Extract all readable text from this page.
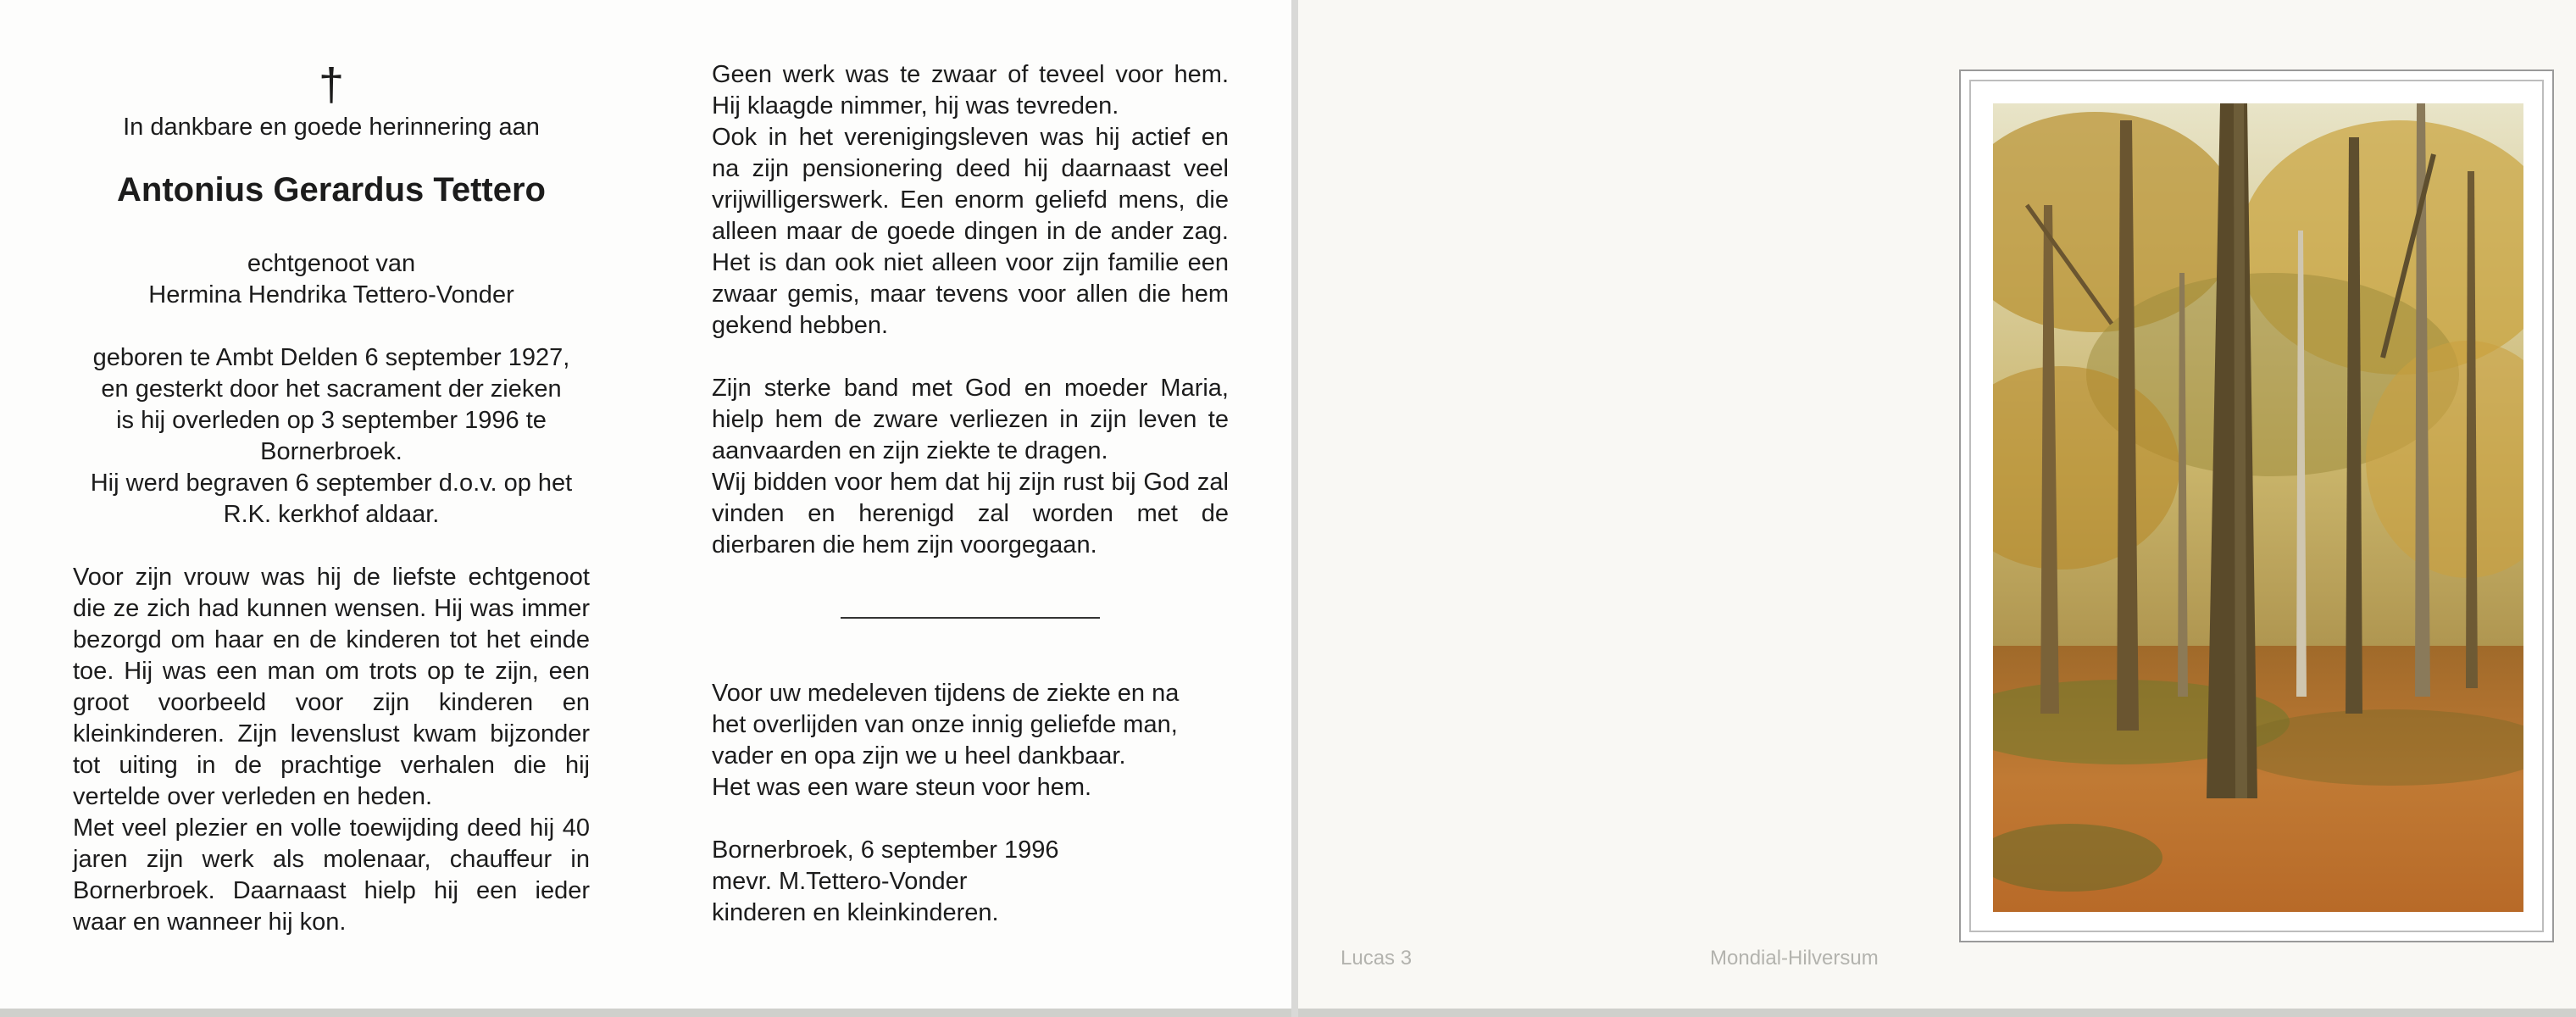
†

In dankbare en goede herinnering aan

Antonius Gerardus Tettero

echtgenoot van

Hermina Hendrika Tettero-Vonder

geboren te Ambt Delden 6 september 1927,
en gesterkt door het sacrament der zieken
is hij overleden op 3 september 1996 te
Bornerbroek.
Hij werd begraven 6 september d.o.v. op het
R.K. kerkhof aldaar.

Voor zijn vrouw was hij de liefste echtgenoot die ze zich had kunnen wensen. Hij was immer bezorgd om haar en de kinderen tot het einde toe. Hij was een man om trots op te zijn, een groot voorbeeld voor zijn kinderen en kleinkinderen. Zijn levenslust kwam bijzonder tot uiting in de prachtige verhalen die hij vertelde over verleden en heden.

Met veel plezier en volle toewijding deed hij 40 jaren zijn werk als molenaar, chauffeur in Bornerbroek. Daarnaast hielp hij een ieder waar en wanneer hij kon.

Geen werk was te zwaar of teveel voor hem. Hij klaagde nimmer, hij was tevreden.

Ook in het verenigingsleven was hij actief en na zijn pensionering deed hij daarnaast veel vrijwilligerswerk. Een enorm geliefd mens, die alleen maar de goede dingen in de ander zag. Het is dan ook niet alleen voor zijn familie een zwaar gemis, maar tevens voor allen die hem gekend hebben.

Zijn sterke band met God en moeder Maria, hielp hem de zware verliezen in zijn leven te aanvaarden en zijn ziekte te dragen.

Wij bidden voor hem dat hij zijn rust bij God zal vinden en herenigd zal worden met de dierbaren die hem zijn voorgegaan.

Voor uw medeleven tijdens de ziekte en na
het overlijden van onze innig geliefde man,
vader en opa zijn we u heel dankbaar.
Het was een ware steun voor hem.
Bornerbroek, 6 september 1996
mevr. M.Tettero-Vonder
kinderen en kleinkinderen.
Lucas 3	Mondial-Hilversum
